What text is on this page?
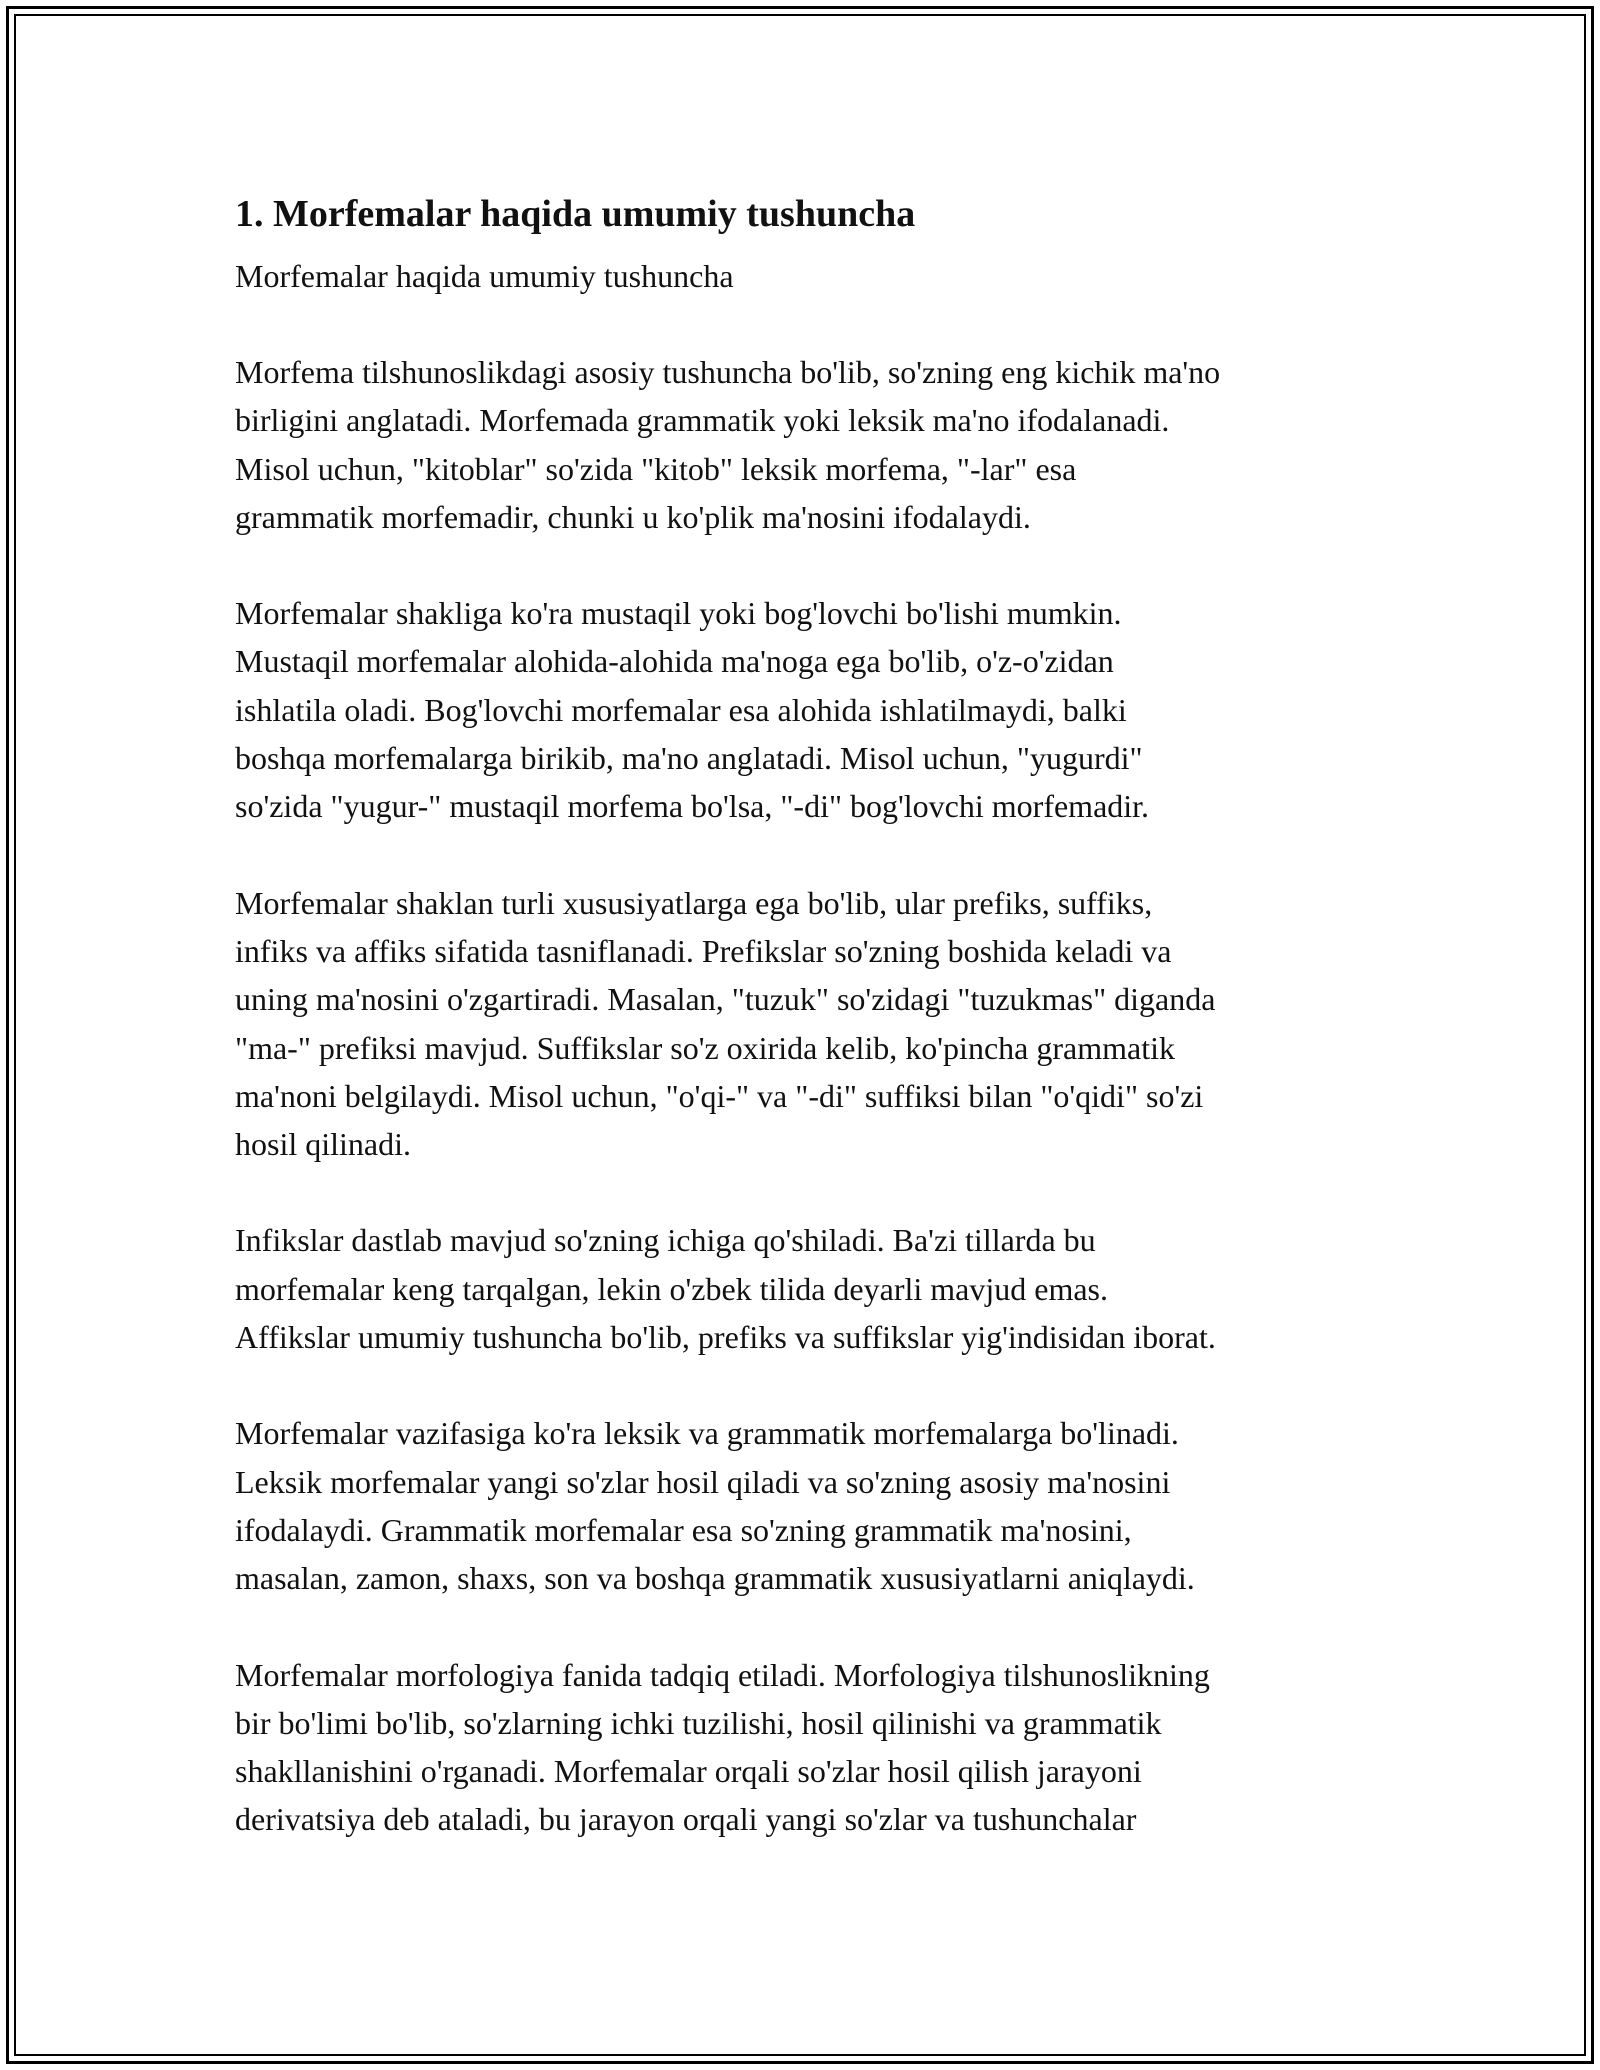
1. Morfemalar haqida umumiy tushuncha
Morfemalar haqida umumiy tushuncha
Morfema tilshunoslikdagi asosiy tushuncha bo'lib, so'zning eng kichik ma'no
birligini anglatadi. Morfemada grammatik yoki leksik ma'no ifodalanadi.
Misol uchun, "kitoblar" so'zida "kitob" leksik morfema, "-lar" esa
grammatik morfemadir, chunki u ko'plik ma'nosini ifodalaydi.
Morfemalar shakliga ko'ra mustaqil yoki bog'lovchi bo'lishi mumkin.
Mustaqil morfemalar alohida-alohida ma'noga ega bo'lib, o'z-o'zidan
ishlatila oladi. Bog'lovchi morfemalar esa alohida ishlatilmaydi, balki
boshqa morfemalarga birikib, ma'no anglatadi. Misol uchun, "yugurdi"
so'zida "yugur-" mustaqil morfema bo'lsa, "-di" bog'lovchi morfemadir.
Morfemalar shaklan turli xususiyatlarga ega bo'lib, ular prefiks, suffiks,
infiks va affiks sifatida tasniflanadi. Prefikslar so'zning boshida keladi va
uning ma'nosini o'zgartiradi. Masalan, "tuzuk" so'zidagi "tuzukmas" diganda
"ma-" prefiksi mavjud. Suffikslar so'z oxirida kelib, ko'pincha grammatik
ma'noni belgilaydi. Misol uchun, "o'qi-" va "-di" suffiksi bilan "o'qidi" so'zi
hosil qilinadi.
Infikslar dastlab mavjud so'zning ichiga qo'shiladi. Ba'zi tillarda bu
morfemalar keng tarqalgan, lekin o'zbek tilida deyarli mavjud emas.
Affikslar umumiy tushuncha bo'lib, prefiks va suffikslar yig'indisidan iborat.
Morfemalar vazifasiga ko'ra leksik va grammatik morfemalarga bo'linadi.
Leksik morfemalar yangi so'zlar hosil qiladi va so'zning asosiy ma'nosini
ifodalaydi. Grammatik morfemalar esa so'zning grammatik ma'nosini,
masalan, zamon, shaxs, son va boshqa grammatik xususiyatlarni aniqlaydi.
Morfemalar morfologiya fanida tadqiq etiladi. Morfologiya tilshunoslikning
bir bo'limi bo'lib, so'zlarning ichki tuzilishi, hosil qilinishi va grammatik
shakllanishini o'rganadi. Morfemalar orqali so'zlar hosil qilish jarayoni
derivatsiya deb ataladi, bu jarayon orqali yangi so'zlar va tushunchalar
